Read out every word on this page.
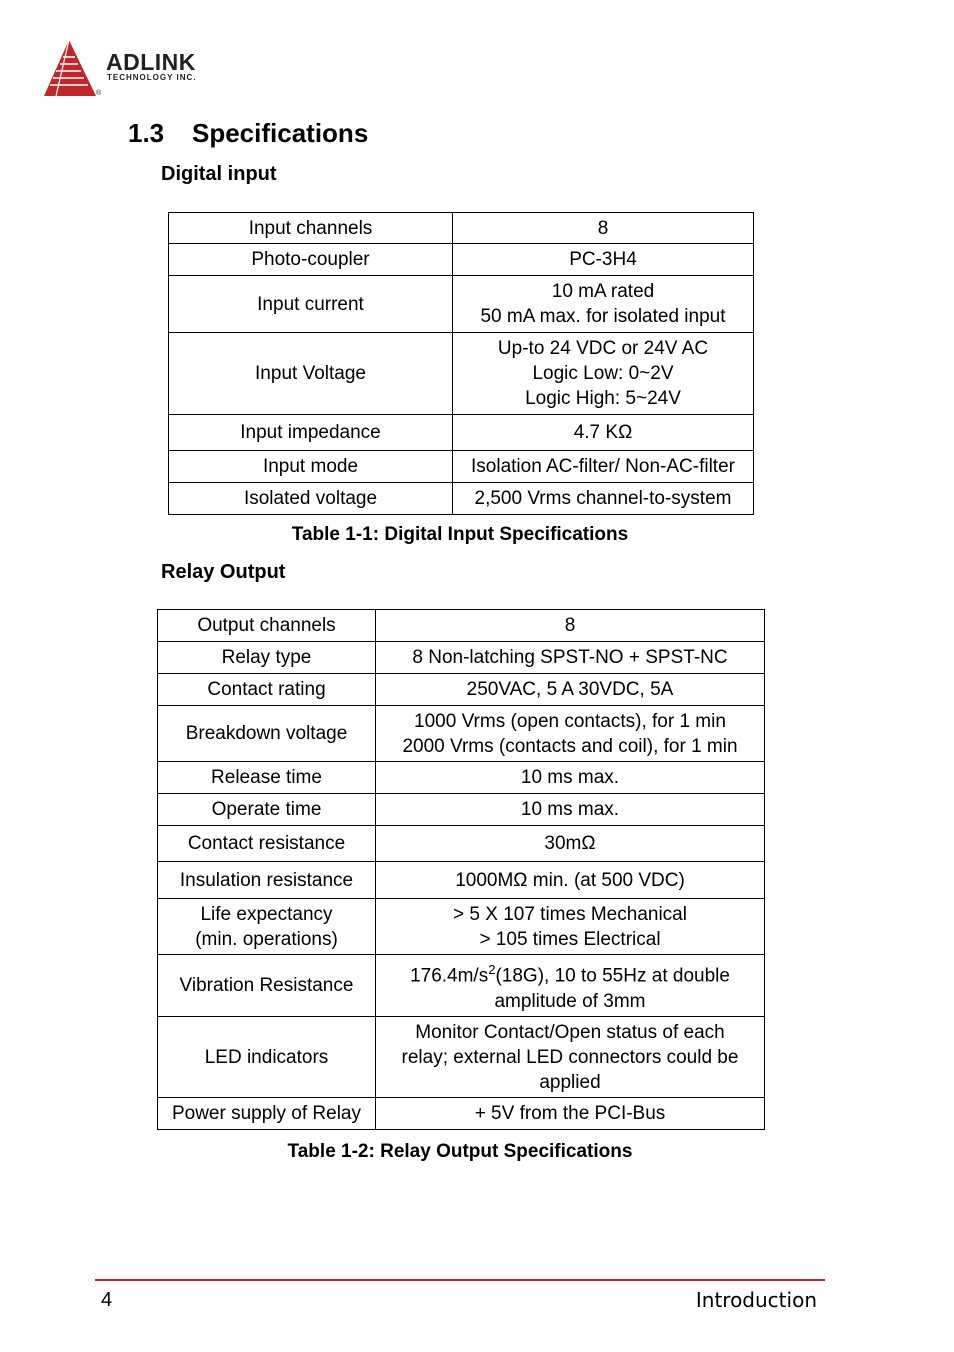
ADLINK
TECHNOLOGY INC.
®
1.3 Specifications
Digital input
Input channels	8
Photo-coupler	PC-3H4
Input current	10 mA rated
50 mA max. for isolated input
Input Voltage	Up-to 24 VDC or 24V AC
Logic Low: 0~2V
Logic High: 5~24V
Input impedance	4.7 KΩ
Input mode	Isolation AC-filter/ Non-AC-filter
Isolated voltage	2,500 Vrms channel-to-system
Table 1-1: Digital Input Specifications
Relay Output
Output channels	8
Relay type	8 Non-latching SPST-NO + SPST-NC
Contact rating	250VAC, 5 A 30VDC, 5A
Breakdown voltage	1000 Vrms (open contacts), for 1 min
2000 Vrms (contacts and coil), for 1 min
Release time	10 ms max.
Operate time	10 ms max.
Contact resistance	30mΩ
Insulation resistance	1000MΩ min. (at 500 VDC)
Life expectancy
(min. operations)	> 5 X 107 times Mechanical
> 105 times Electrical
Vibration Resistance	$176.4m/s^2(18G)$, 10 to 55Hz at double
amplitude of 3mm
LED indicators	Monitor Contact/Open status of each
relay; external LED connectors could be
applied
Power supply of Relay	+ 5V from the PCI-Bus
Table 1-2: Relay Output Specifications
4	Introduction
